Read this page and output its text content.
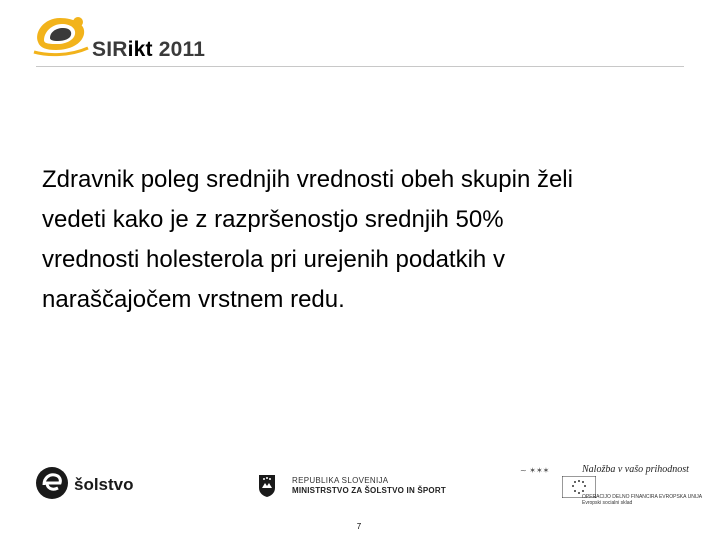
SIRikt 2011
Zdravnik poleg srednjih vrednosti obeh skupin želi
vedeti kako je z razpršenostjo srednjih 50%
vrednosti holesterola pri urejenih podatkih v
naraščajočem vrstnem redu.
šolstvo	REPUBLIKA SLOVENIJA
MINISTRSTVO ZA ŠOLSTVO IN ŠPORT
~ ✶✶✶	Naložba v vašo prihodnost
OPERACIJO DELNO FINANCIRA EVROPSKA UNIJA
Evropski socialni sklad
7
